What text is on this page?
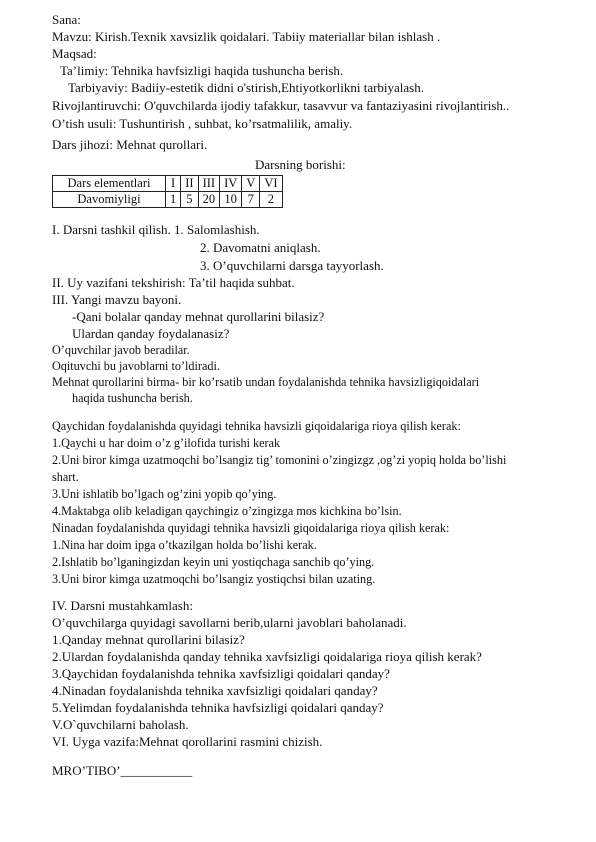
Sana:
Mavzu: Kirish.Texnik xavsizlik qoidalari. Tabiiy materiallar bilan ishlash .
Maqsad:
Ta’limiy: Tehnika havfsizligi haqida tushuncha berish.
Tarbiyaviy: Badiiy-estetik didni o'stirish,Ehtiyotkorlikni tarbiyalash.
Rivojlantiruvchi: O'quvchilarda ijodiy tafakkur, tasavvur va fantaziyasini rivojlantirish..
O’tish usuli: Tushuntirish , suhbat, ko’rsatmalilik, amaliy.
Dars jihozi: Mehnat qurollari.
Darsning borishi:
Dars elementlari	I	II	III	IV	V	VI
Davomiyligi	1	5	20	10	7	2
I. Darsni tashkil qilish. 1. Salomlashish.
2. Davomatni aniqlash.
3. O’quvchilarni darsga tayyorlash.
II. Uy vazifani tekshirish: Ta’til haqida suhbat.
III. Yangi mavzu bayoni.
-Qani bolalar qanday mehnat qurollarini bilasiz?
Ulardan qanday foydalanasiz?
O’quvchilar javob beradilar.
Oqituvchi bu javoblarni to’ldiradi.
Mehnat qurollarini birma- bir ko’rsatib undan foydalanishda tehnika havsizligiqoidalari
haqida tushuncha berish.
Qaychidan foydalanishda quyidagi tehnika havsizli giqoidalariga rioya qilish kerak:
1.Qaychi u har doim o’z g’ilofida turishi kerak
2.Uni biror kimga uzatmoqchi bo’lsangiz tig’ tomonini o’zingizgz ,og’zi yopiq holda bo’lishi
shart.
3.Uni ishlatib bo’lgach og’zini yopib qo’ying.
4.Maktabga olib keladigan qaychingiz o’zingizga mos kichkina bo’lsin.
Ninadan foydalanishda quyidagi tehnika havsizli giqoidalariga rioya qilish kerak:
1.Nina har doim ipga o’tkazilgan holda bo’lishi kerak.
2.Ishlatib bo’lganingizdan keyin uni yostiqchaga sanchib qo’ying.
3.Uni biror kimga uzatmoqchi bo’lsangiz yostiqchsi bilan uzating.
IV. Darsni mustahkamlash:
O’quvchilarga quyidagi savollarni berib,ularni javoblari baholanadi.
1.Qanday mehnat qurollarini bilasiz?
2.Ulardan foydalanishda qanday tehnika xavfsizligi qoidalariga rioya qilish kerak?
3.Qaychidan foydalanishda tehnika xavfsizligi qoidalari qanday?
4.Ninadan foydalanishda tehnika xavfsizligi qoidalari qanday?
5.Yelimdan foydalanishda tehnika havfsizligi qoidalari qanday?
V.O`quvchilarni baholash.
VI. Uyga vazifa:Mehnat qorollarini rasmini chizish.
MRO’TIBO’___________
